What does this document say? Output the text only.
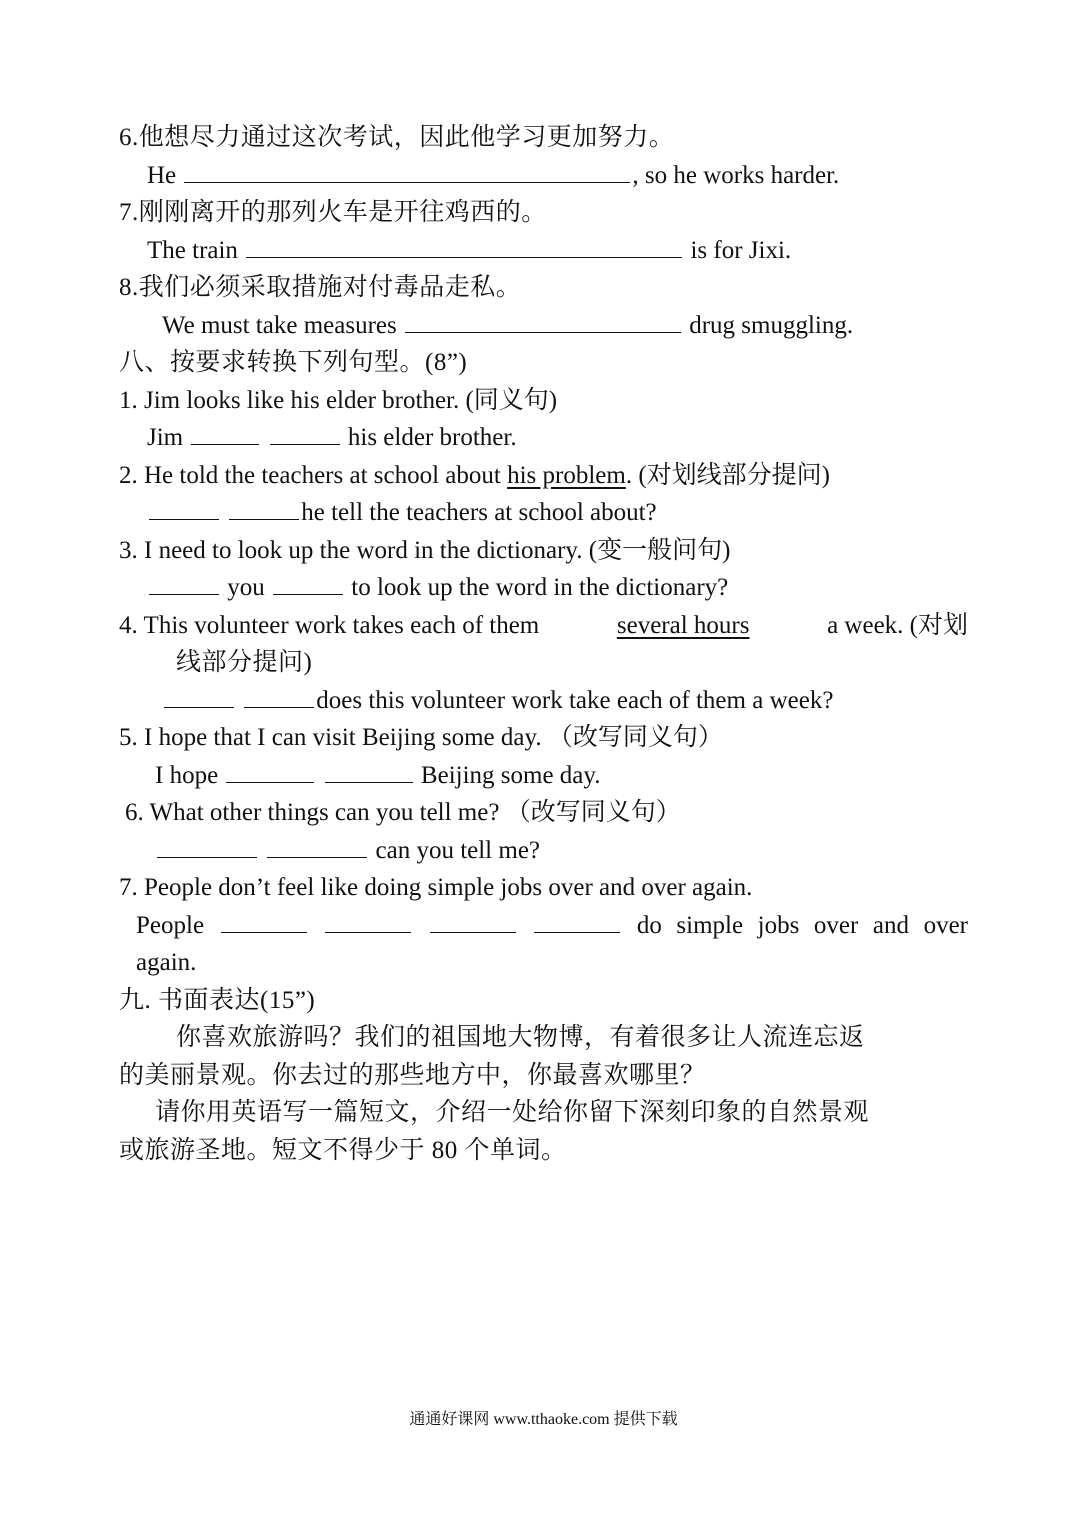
6.他想尽力通过这次考试，因此他学习更加努力。
He	, so he works harder.
7.刚刚离开的那列火车是开往鸡西的。
The train	is for Jixi.
8.我们必须采取措施对付毒品走私。
We must take measures	drug smuggling.
八、按要求转换下列句型。(8”)
1. Jim looks like his elder brother. (同义句)
Jim	his elder brother.
2. He told the teachers at school about his problem. (对划线部分提问)
he tell the teachers at school about?
3. I need to look up the word in the dictionary. (变一般问句)
you	to look up the word in the dictionary?
4. This volunteer work takes each of them	several hours	a week. (对划
线部分提问)
does this volunteer work take each of them a week?
5. I hope that I can visit Beijing some day. （改写同义句）
I hope	Beijing some day.
6. What other things can you tell me? （改写同义句）
can you tell me?
7. People don’t feel like doing simple jobs over and over again.
People	do simple jobs over and over
again.
九. 书面表达(15”)
你喜欢旅游吗？我们的祖国地大物博，有着很多让人流连忘返
的美丽景观。你去过的那些地方中，你最喜欢哪里？
请你用英语写一篇短文，介绍一处给你留下深刻印象的自然景观
或旅游圣地。短文不得少于 80 个单词。
通通好课网 www.tthaoke.com 提供下载
